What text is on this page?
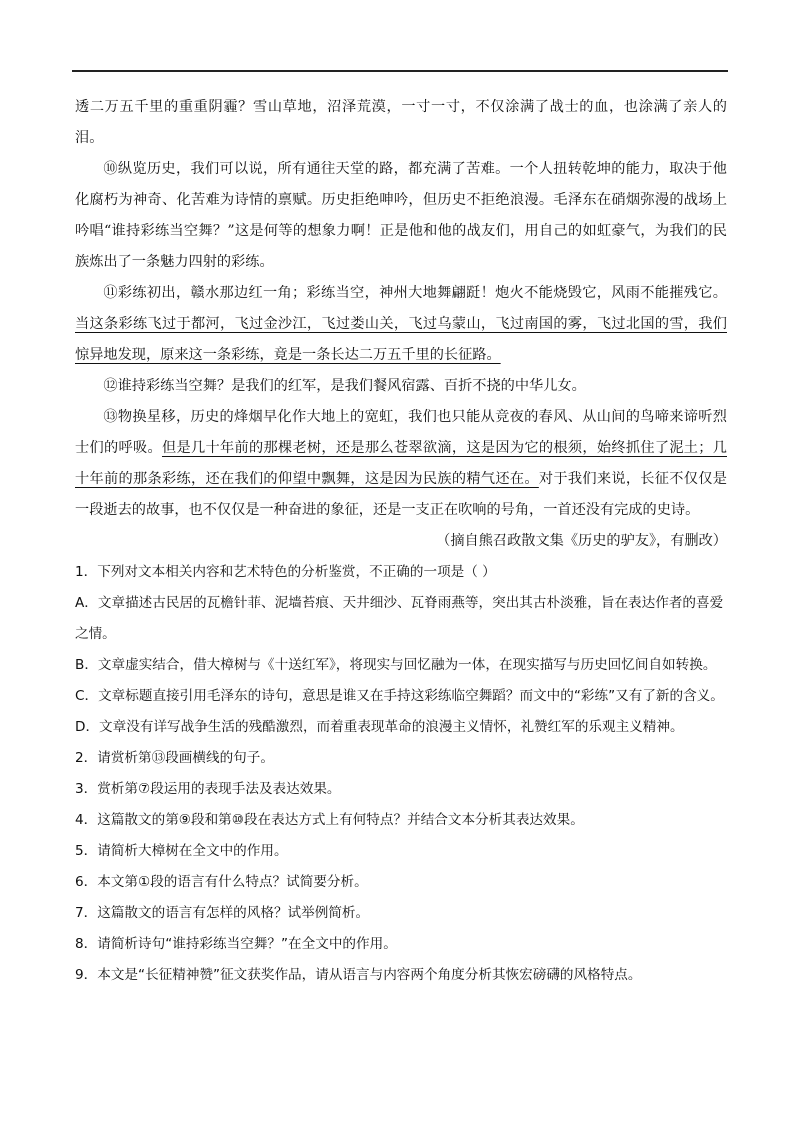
透二万五千里的重重阴霾？雪山草地，沼泽荒漠，一寸一寸，不仅涂满了战士的血，也涂满了亲人的泪。

⑩纵览历史，我们可以说，所有通往天堂的路，都充满了苦难。一个人扭转乾坤的能力，取决于他化腐朽为神奇、化苦难为诗情的禀赋。历史拒绝呻吟，但历史不拒绝浪漫。毛泽东在硝烟弥漫的战场上吟唱“谁持彩练当空舞？”这是何等的想象力啊！正是他和他的战友们，用自己的如虹豪气，为我们的民族炼出了一条魅力四射的彩练。

⑪彩练初出，赣水那边红一角；彩练当空，神州大地舞翩跹！炮火不能烧毁它，风雨不能摧残它。当这条彩练飞过于都河，飞过金沙江，飞过娄山关，飞过乌蒙山，飞过南国的雾，飞过北国的雪，我们惊异地发现，原来这一条彩练，竟是一条长达二万五千里的长征路。

⑫谁持彩练当空舞？是我们的红军，是我们餐风宿露、百折不挠的中华儿女。

⑬物换星移，历史的烽烟早化作大地上的宽虹，我们也只能从竞夜的春风、从山间的鸟啼来谛听烈士们的呼吸。但是几十年前的那棵老树，还是那么苍翠欲滴，这是因为它的根须，始终抓住了泥土；几十年前的那条彩练，还在我们的仰望中飘舞，这是因为民族的精气还在。对于我们来说，长征不仅仅是一段逝去的故事，也不仅仅是一种奋进的象征，还是一支正在吹响的号角，一首还没有完成的史诗。

（摘自熊召政散文集《历史的驴友》，有删改）

1．下列对文本相关内容和艺术特色的分析鉴赏，不正确的一项是（ ）

A．文章描述古民居的瓦檐针菲、泥墙苔痕、天井细沙、瓦脊雨燕等，突出其古朴淡雅，旨在表达作者的喜爱之情。

B．文章虚实结合，借大樟树与《十送红军》，将现实与回忆融为一体，在现实描写与历史回忆间自如转换。

C．文章标题直接引用毛泽东的诗句，意思是谁又在手持这彩练临空舞蹈？而文中的“彩练”又有了新的含义。

D．文章没有详写战争生活的残酷激烈，而着重表现革命的浪漫主义情怀，礼赞红军的乐观主义精神。

2．请赏析第⑬段画横线的句子。

3．赏析第⑦段运用的表现手法及表达效果。

4．这篇散文的第⑨段和第⑩段在表达方式上有何特点？并结合文本分析其表达效果。

5．请简析大樟树在全文中的作用。

6．本文第①段的语言有什么特点？试简要分析。

7．这篇散文的语言有怎样的风格？试举例简析。

8．请简析诗句“谁持彩练当空舞？”在全文中的作用。

9．本文是“长征精神赞”征文获奖作品，请从语言与内容两个角度分析其恢宏磅礴的风格特点。
